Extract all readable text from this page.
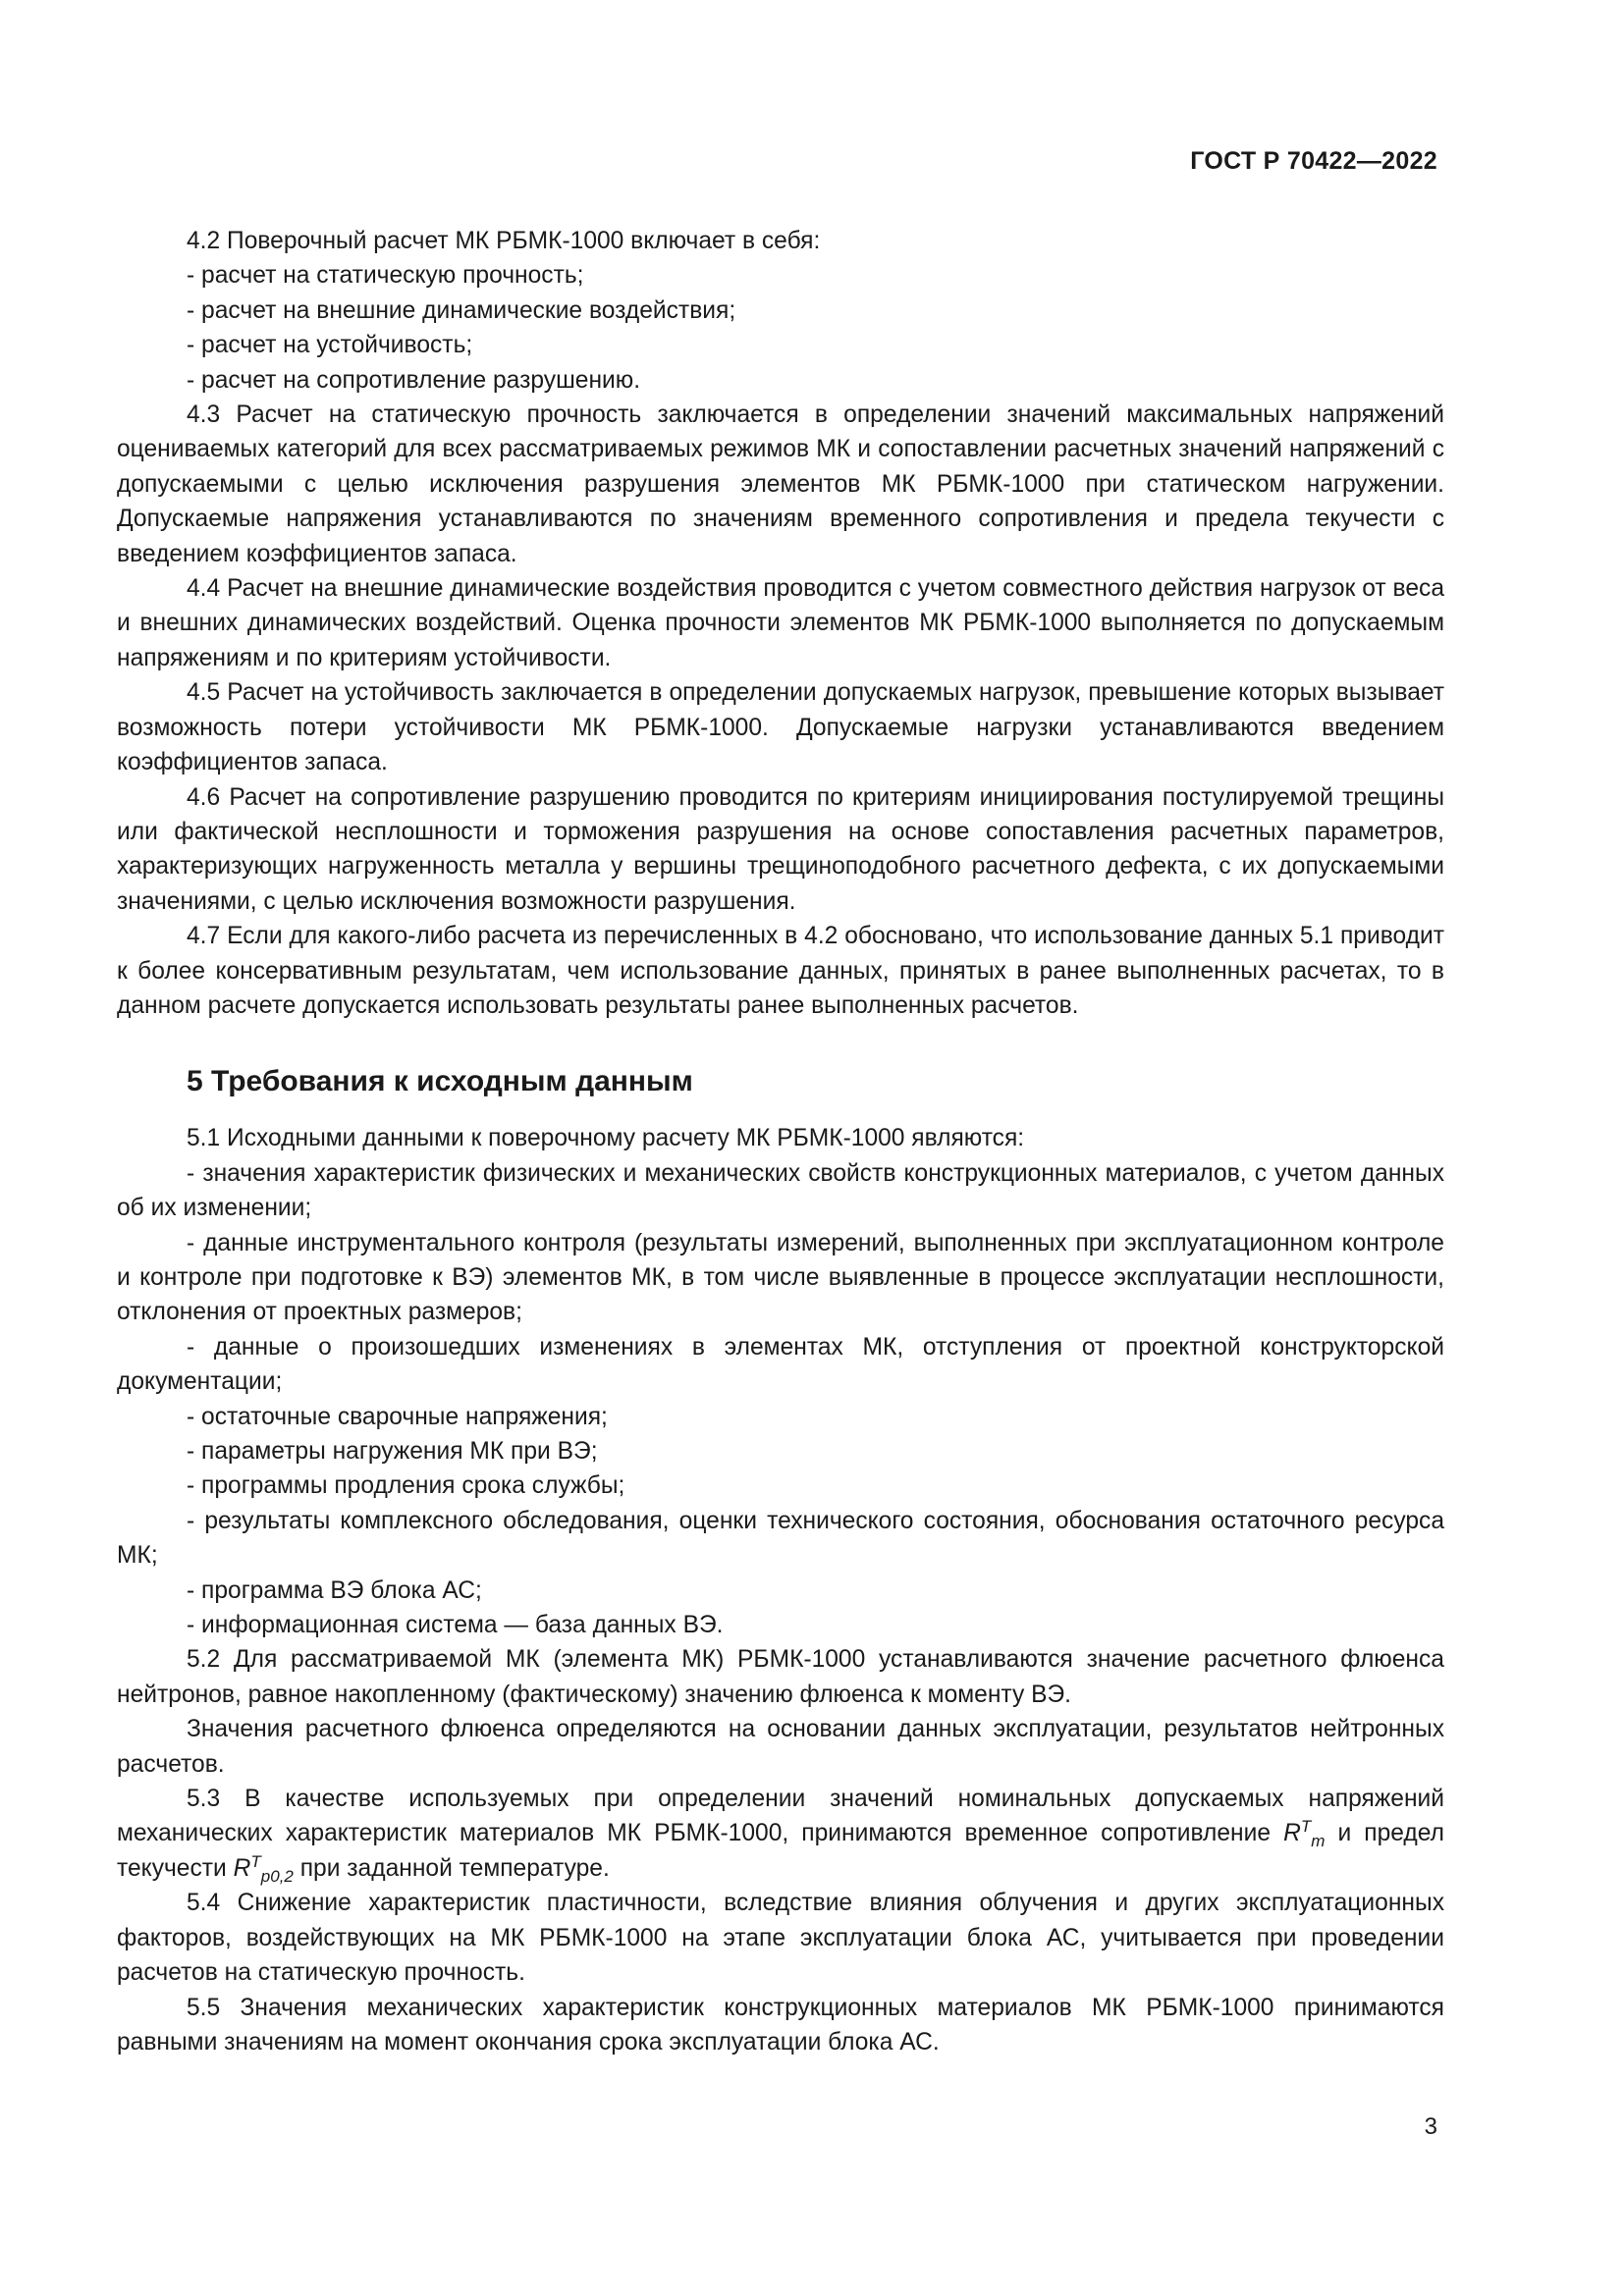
ГОСТ Р 70422—2022

4.2 Поверочный расчет МК РБМК-1000 включает в себя:

- расчет на статическую прочность;

- расчет на внешние динамические воздействия;

- расчет на устойчивость;

- расчет на сопротивление разрушению.

4.3 Расчет на статическую прочность заключается в определении значений максимальных напряжений оцениваемых категорий для всех рассматриваемых режимов МК и сопоставлении расчетных значений напряжений с допускаемыми с целью исключения разрушения элементов МК РБМК-1000 при статическом нагружении. Допускаемые напряжения устанавливаются по значениям временного сопротивления и предела текучести с введением коэффициентов запаса.

4.4 Расчет на внешние динамические воздействия проводится с учетом совместного действия нагрузок от веса и внешних динамических воздействий. Оценка прочности элементов МК РБМК-1000 выполняется по допускаемым напряжениям и по критериям устойчивости.

4.5 Расчет на устойчивость заключается в определении допускаемых нагрузок, превышение которых вызывает возможность потери устойчивости МК РБМК-1000. Допускаемые нагрузки устанавливаются введением коэффициентов запаса.

4.6 Расчет на сопротивление разрушению проводится по критериям инициирования постулируемой трещины или фактической несплошности и торможения разрушения на основе сопоставления расчетных параметров, характеризующих нагруженность металла у вершины трещиноподобного расчетного дефекта, с их допускаемыми значениями, с целью исключения возможности разрушения.

4.7 Если для какого-либо расчета из перечисленных в 4.2 обосновано, что использование данных 5.1 приводит к более консервативным результатам, чем использование данных, принятых в ранее выполненных расчетах, то в данном расчете допускается использовать результаты ранее выполненных расчетов.

5 Требования к исходным данным

5.1 Исходными данными к поверочному расчету МК РБМК-1000 являются:

- значения характеристик физических и механических свойств конструкционных материалов, с учетом данных об их изменении;

- данные инструментального контроля (результаты измерений, выполненных при эксплуатационном контроле и контроле при подготовке к ВЭ) элементов МК, в том числе выявленные в процессе эксплуатации несплошности, отклонения от проектных размеров;

- данные о произошедших изменениях в элементах МК, отступления от проектной конструкторской документации;

- остаточные сварочные напряжения;

- параметры нагружения МК при ВЭ;

- программы продления срока службы;

- результаты комплексного обследования, оценки технического состояния, обоснования остаточного ресурса МК;

- программа ВЭ блока АС;

- информационная система — база данных ВЭ.

5.2 Для рассматриваемой МК (элемента МК) РБМК-1000 устанавливаются значение расчетного флюенса нейтронов, равное накопленному (фактическому) значению флюенса к моменту ВЭ.

Значения расчетного флюенса определяются на основании данных эксплуатации, результатов нейтронных расчетов.

5.3 В качестве используемых при определении значений номинальных допускаемых напряжений механических характеристик материалов МК РБМК-1000, принимаются временное сопротивление $R^T_m$ и предел текучести $R^T_{p0,2}$ при заданной температуре.

5.4 Снижение характеристик пластичности, вследствие влияния облучения и других эксплуатационных факторов, воздействующих на МК РБМК-1000 на этапе эксплуатации блока АС, учитывается при проведении расчетов на статическую прочность.

5.5 Значения механических характеристик конструкционных материалов МК РБМК-1000 принимаются равными значениям на момент окончания срока эксплуатации блока АС.

3
